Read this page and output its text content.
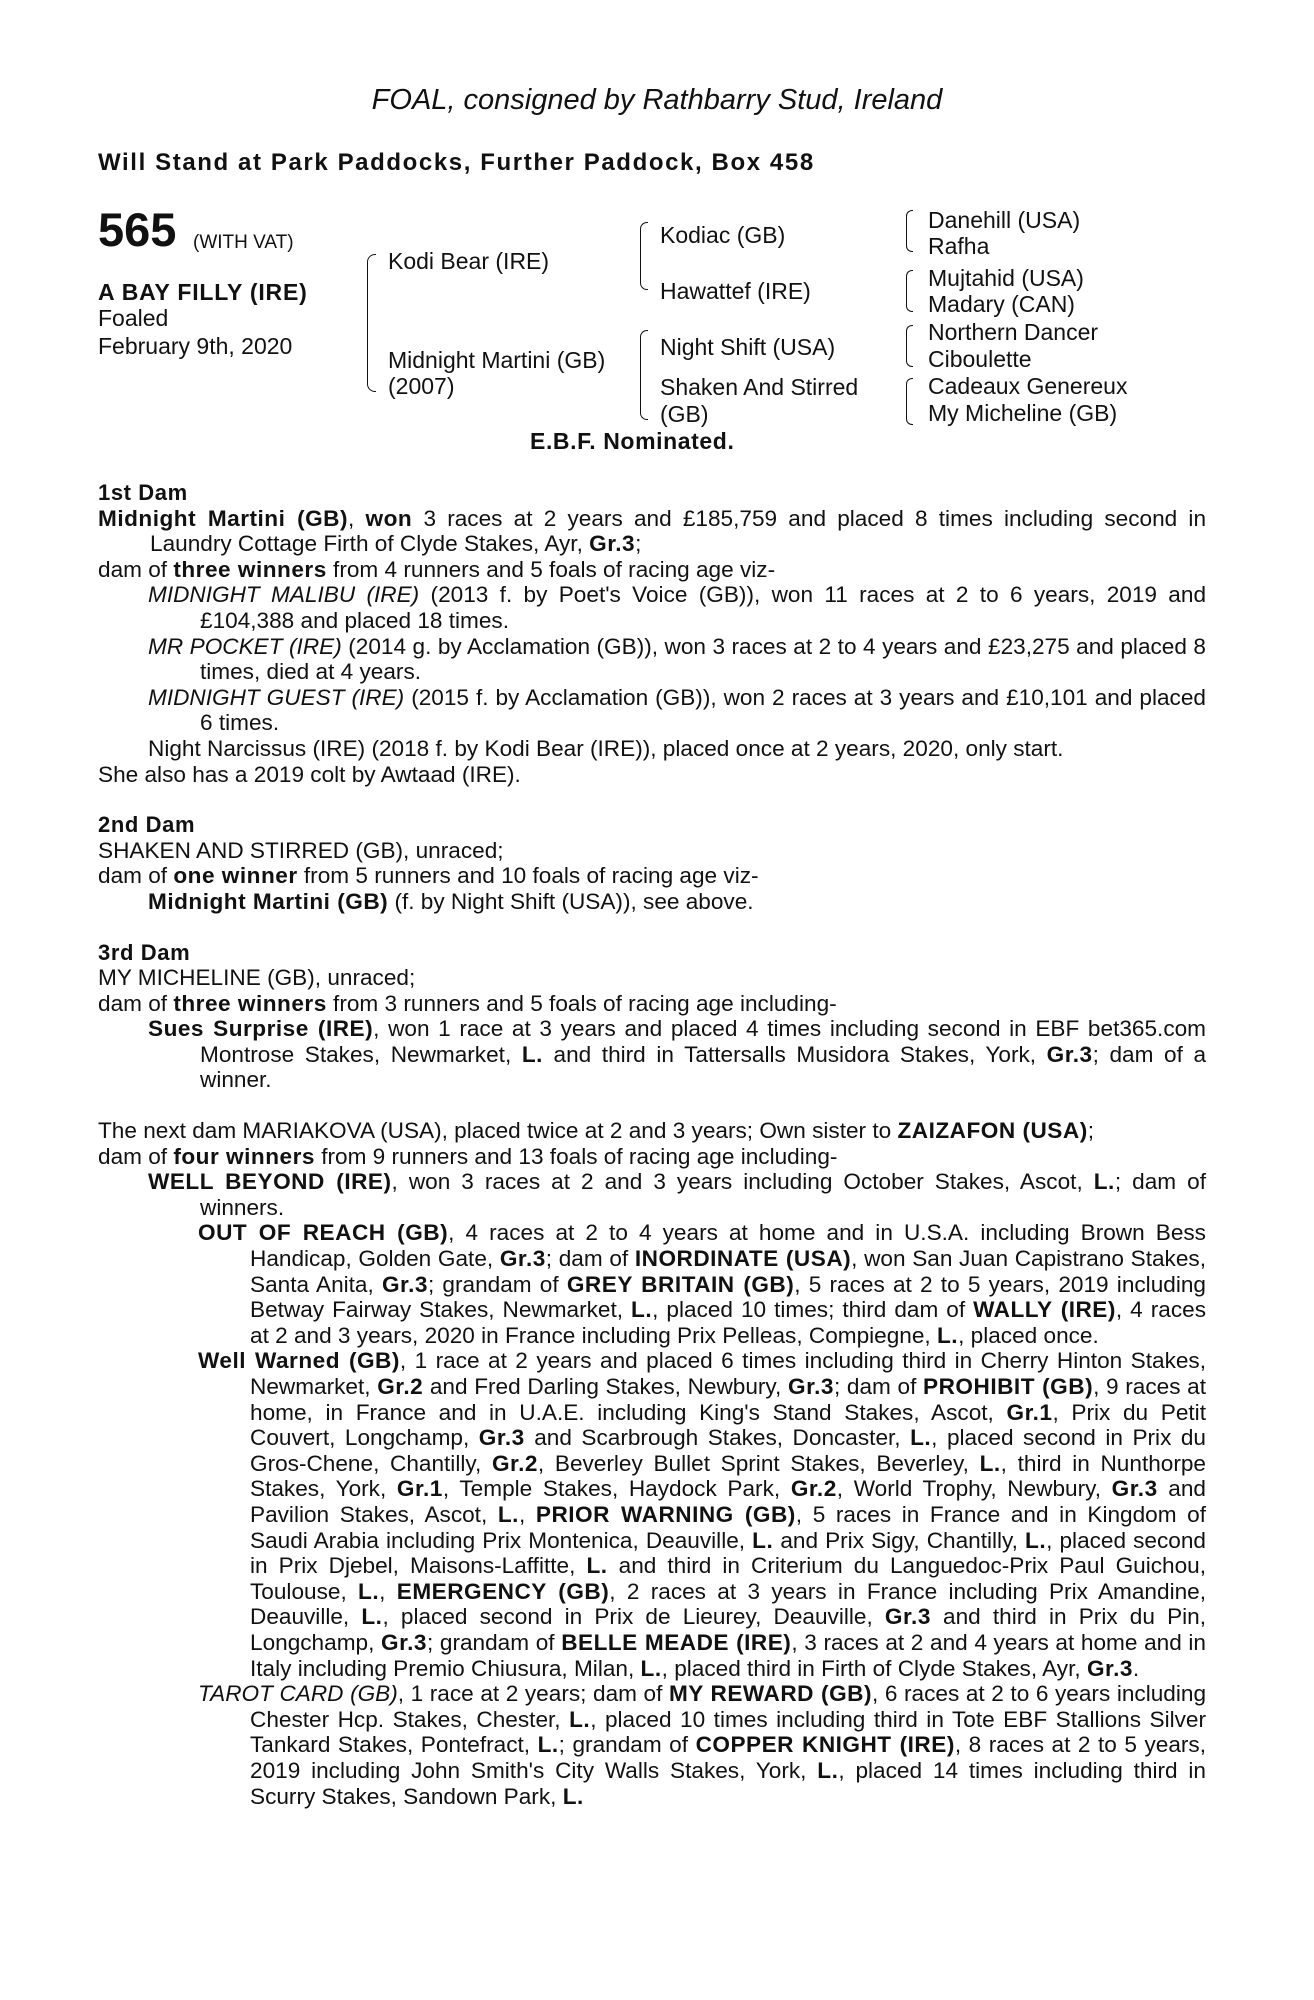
FOAL, consigned by Rathbarry Stud, Ireland
Will Stand at Park Paddocks, Further Paddock, Box 458
565 (WITH VAT)
A BAY FILLY (IRE)
Foaled
February 9th, 2020
Kodi Bear (IRE)
Midnight Martini (GB)
(2007)
Kodiac (GB)
Hawattef (IRE)
Night Shift (USA)
Shaken And Stirred
(GB)
Danehill (USA)
Rafha
Mujtahid (USA)
Madary (CAN)
Northern Dancer
Ciboulette
Cadeaux Genereux
My Micheline (GB)
E.B.F. Nominated.

1st Dam

Midnight Martini (GB), won 3 races at 2 years and £185,759 and placed 8 times including second in Laundry Cottage Firth of Clyde Stakes, Ayr, Gr.3;

dam of three winners from 4 runners and 5 foals of racing age viz-

MIDNIGHT MALIBU (IRE) (2013 f. by Poet's Voice (GB)), won 11 races at 2 to 6 years, 2019 and £104,388 and placed 18 times.

MR POCKET (IRE) (2014 g. by Acclamation (GB)), won 3 races at 2 to 4 years and £23,275 and placed 8 times, died at 4 years.

MIDNIGHT GUEST (IRE) (2015 f. by Acclamation (GB)), won 2 races at 3 years and £10,101 and placed 6 times.

Night Narcissus (IRE) (2018 f. by Kodi Bear (IRE)), placed once at 2 years, 2020, only start.

She also has a 2019 colt by Awtaad (IRE).

2nd Dam

SHAKEN AND STIRRED (GB), unraced;

dam of one winner from 5 runners and 10 foals of racing age viz-

Midnight Martini (GB) (f. by Night Shift (USA)), see above.

3rd Dam

MY MICHELINE (GB), unraced;

dam of three winners from 3 runners and 5 foals of racing age including-

Sues Surprise (IRE), won 1 race at 3 years and placed 4 times including second in EBF bet365.com Montrose Stakes, Newmarket, L. and third in Tattersalls Musidora Stakes, York, Gr.3; dam of a winner.

The next dam MARIAKOVA (USA), placed twice at 2 and 3 years; Own sister to ZAIZAFON (USA);

dam of four winners from 9 runners and 13 foals of racing age including-

WELL BEYOND (IRE), won 3 races at 2 and 3 years including October Stakes, Ascot, L.; dam of winners.

OUT OF REACH (GB), 4 races at 2 to 4 years at home and in U.S.A. including Brown Bess Handicap, Golden Gate, Gr.3; dam of INORDINATE (USA), won San Juan Capistrano Stakes, Santa Anita, Gr.3; grandam of GREY BRITAIN (GB), 5 races at 2 to 5 years, 2019 including Betway Fairway Stakes, Newmarket, L., placed 10 times; third dam of WALLY (IRE), 4 races at 2 and 3 years, 2020 in France including Prix Pelleas, Compiegne, L., placed once.

Well Warned (GB), 1 race at 2 years and placed 6 times including third in Cherry Hinton Stakes, Newmarket, Gr.2 and Fred Darling Stakes, Newbury, Gr.3; dam of PROHIBIT (GB), 9 races at home, in France and in U.A.E. including King's Stand Stakes, Ascot, Gr.1, Prix du Petit Couvert, Longchamp, Gr.3 and Scarbrough Stakes, Doncaster, L., placed second in Prix du Gros-Chene, Chantilly, Gr.2, Beverley Bullet Sprint Stakes, Beverley, L., third in Nunthorpe Stakes, York, Gr.1, Temple Stakes, Haydock Park, Gr.2, World Trophy, Newbury, Gr.3 and Pavilion Stakes, Ascot, L., PRIOR WARNING (GB), 5 races in France and in Kingdom of Saudi Arabia including Prix Montenica, Deauville, L. and Prix Sigy, Chantilly, L., placed second in Prix Djebel, Maisons-Laffitte, L. and third in Criterium du Languedoc-Prix Paul Guichou, Toulouse, L., EMERGENCY (GB), 2 races at 3 years in France including Prix Amandine, Deauville, L., placed second in Prix de Lieurey, Deauville, Gr.3 and third in Prix du Pin, Longchamp, Gr.3; grandam of BELLE MEADE (IRE), 3 races at 2 and 4 years at home and in Italy including Premio Chiusura, Milan, L., placed third in Firth of Clyde Stakes, Ayr, Gr.3.

TAROT CARD (GB), 1 race at 2 years; dam of MY REWARD (GB), 6 races at 2 to 6 years including Chester Hcp. Stakes, Chester, L., placed 10 times including third in Tote EBF Stallions Silver Tankard Stakes, Pontefract, L.; grandam of COPPER KNIGHT (IRE), 8 races at 2 to 5 years, 2019 including John Smith's City Walls Stakes, York, L., placed 14 times including third in Scurry Stakes, Sandown Park, L.
